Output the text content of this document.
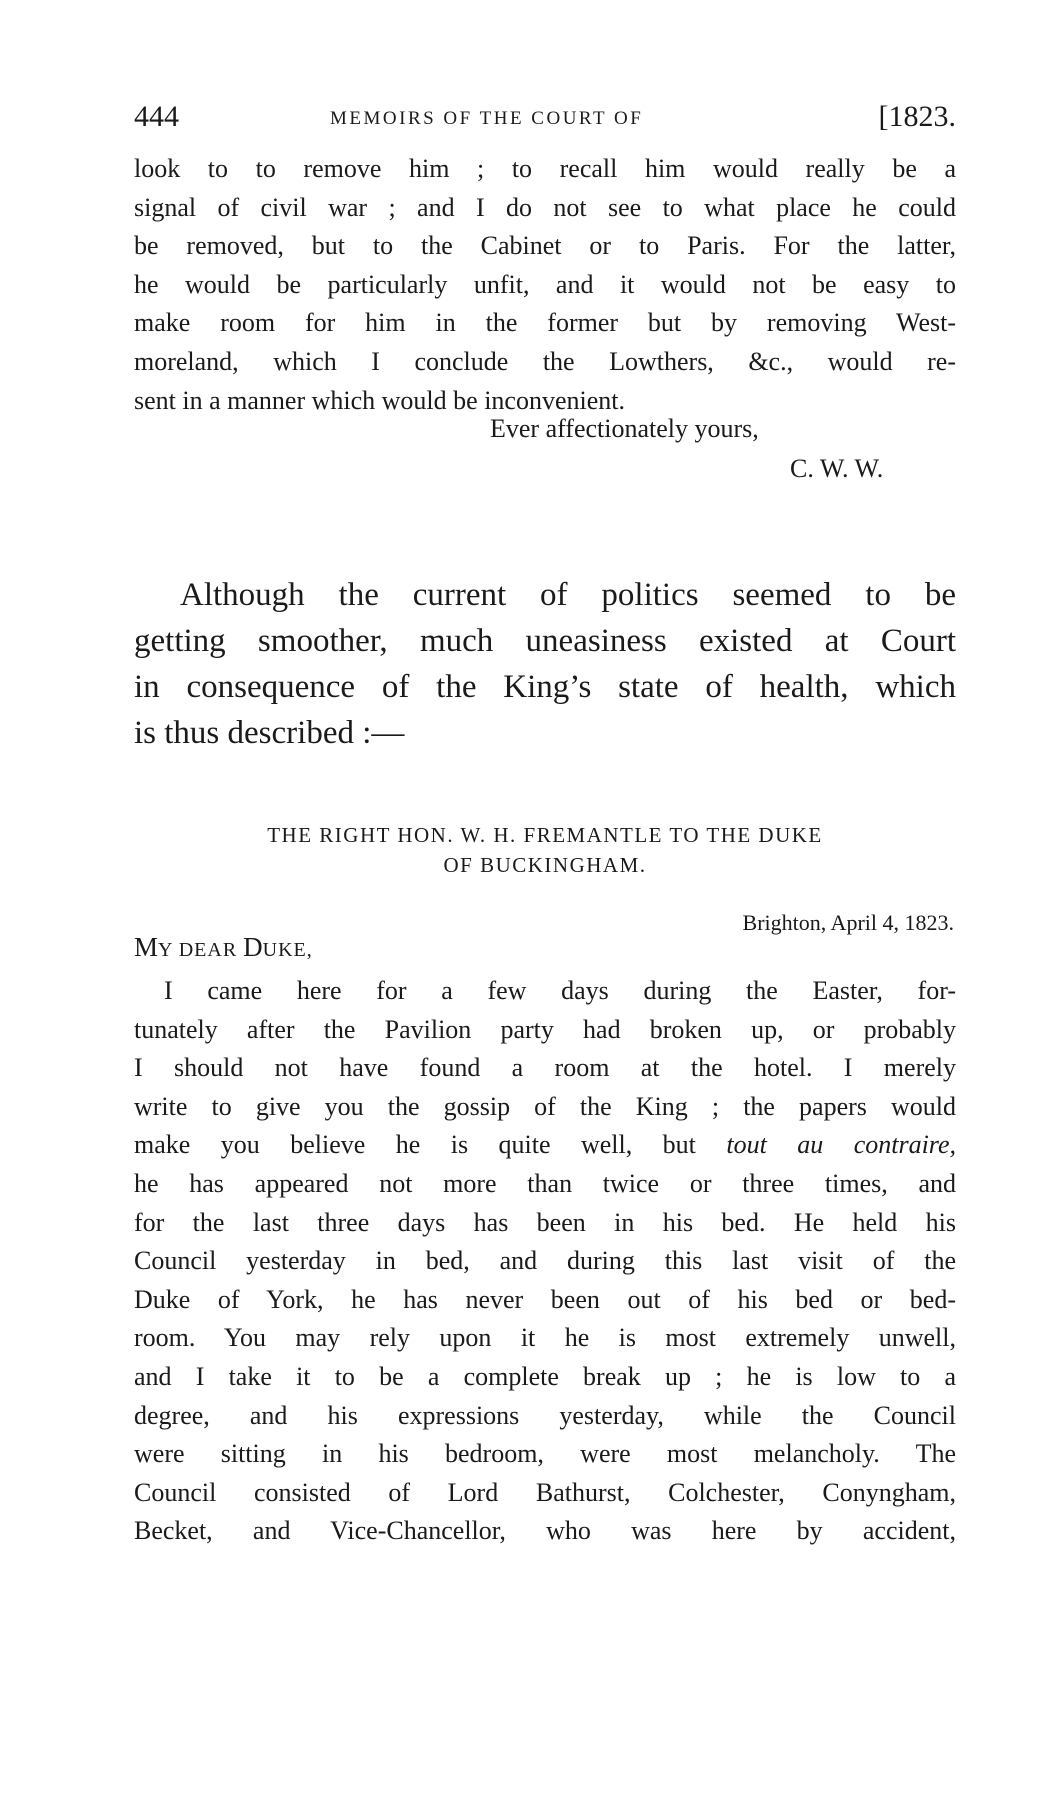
444	MEMOIRS OF THE COURT OF	[1823.
look to to remove him ; to recall him would really be a
signal of civil war ; and I do not see to what place he could
be removed, but to the Cabinet or to Paris. For the latter,
he would be particularly unfit, and it would not be easy to
make room for him in the former but by removing West-
moreland, which I conclude the Lowthers, &c., would re-
sent in a manner which would be inconvenient.
Ever affectionately yours,
C. W. W.
Although the current of politics seemed to be
getting smoother, much uneasiness existed at Court
in consequence of the King’s state of health, which
is thus described :—
THE RIGHT HON. W. H. FREMANTLE TO THE DUKE
OF BUCKINGHAM.
Brighton, April 4, 1823.
MY DEAR DUKE,
I came here for a few days during the Easter, for-
tunately after the Pavilion party had broken up, or probably
I should not have found a room at the hotel. I merely
write to give you the gossip of the King ; the papers would
make you believe he is quite well, but tout au contraire,
he has appeared not more than twice or three times, and
for the last three days has been in his bed. He held his
Council yesterday in bed, and during this last visit of the
Duke of York, he has never been out of his bed or bed-
room. You may rely upon it he is most extremely unwell,
and I take it to be a complete break up ; he is low to a
degree, and his expressions yesterday, while the Council
were sitting in his bedroom, were most melancholy. The
Council consisted of Lord Bathurst, Colchester, Conyngham,
Becket, and Vice-Chancellor, who was here by accident,
